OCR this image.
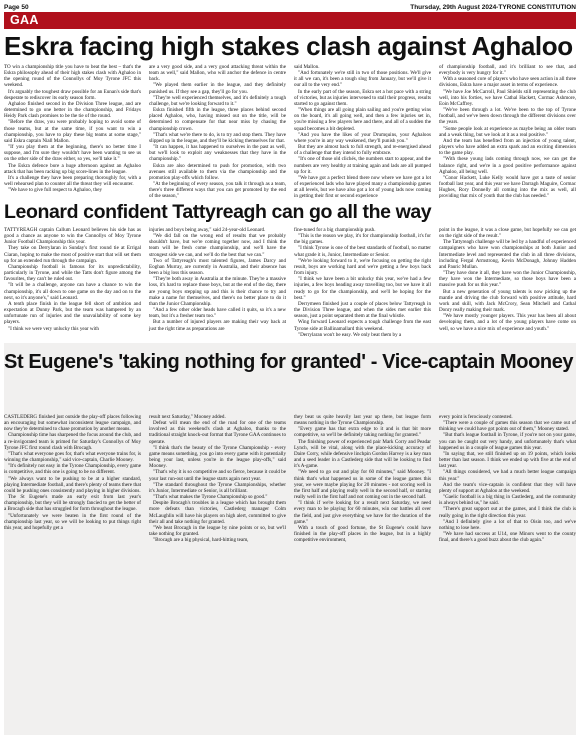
Page 50	Thursday, 29th August 2024-TYRONE CONSTITUTION
GAA
Eskra facing high stakes clash against Aghaloo

TO win a championship title you have to beat the best – that's the Eskra philosophy ahead of their high stakes clash with Aghaloo in the opening round of the Connollys of Moy Tyrone JFC this weekend.

It's arguably the toughest draw possible for an Eunan's side that's desperate to rediscover its early season form.

Aghaloo finished second in the Division Three league, and are determined to go one better in the championship, and Fridays Heidy Park clash promises to be the tie of the round.

"Before the draw, you were probably hoping to avoid some of those teams, but at the same time, if you want to win a championship, you have to play these big teams at some stage," said Eskra captain Niall Mallon.

"If you play them at the beginning, there's no better time I suppose, and I'm sure they wouldn't have been wanting to see us on the other side of the draw either, so yes, we'll take it."

The Eskra defence bore a huge afternoon against an Aghaloo attack that has been racking up big score-lines in the league.

It's a challenge they have been preparing thoroughly for, with a well rehearsed plan to counter all the threat they will encounter.

"We have to give full respect to Aghaloo, they

are a very good side, and a very good attacking threat within the team as well," said Mallon, who will anchor the defence in centre back.

"We played them earlier in the league, and they definitely punished us. If they see a gap, they'll go for you.

"They're well experienced themselves, and it's definitely a tough challenge, but we're looking forward to it."

Eskra finished fifth in the league, three places behind second placed Aghaloo, who, having missed out on the title, will be determined to compensate for that near miss by chasing the championship crown.

"That's what we're there to do, is to try and stop them. They have slipped up in the league, and they'll be kicking themselves for that.

"It can happen, it has happened to ourselves in the past as well, but we'll look to exploit any weaknesses that they have in the championship."

Eskra are also determined to push for promotion, with two avenues still available to them via the championship and the promotion play-offs which follow.

"At the beginning of every season, you talk it through as a team, there's three different ways that you can get promoted by the end of the season,"

said Mallon.

"And fortunately we're still in two of those positions. We'll give it all we can, it's been a tough slog from January, but we'll give it our all to the very end."

In the early part of the season, Eskra set a hot pace with a string of victories, but as injuries intervened to stall their progress, results started to go against them.

"When things are all going plain sailing and you're getting wins on the board, it's all going well, and then a few injuries set in, you're missing a few players here and there, and all of a sudden the squad becomes a bit depleted.

"And you have the likes of your Drumquins, your Aghaloos where you're in any way weakened, they'll punish you."

But they are almost back to full strength, and re-energised ahead of a challenge that they intend to fully embrace.

"It's one of those old clichés, the numbers start to appear, and the numbers are very healthy at training again and lads are all pumped up for it.

"We have got a perfect blend there now where we have got a lot of experienced lads who have played many a championship games at all levels, but we have also got a lot of young lads now coming in getting their first or second experience

of championship football, and it's brilliant to see that, and everybody is very hungry for it."

With a seasoned core of players who have seen action in all three divisions, Eskra have a major asset in terms of experience.

"We have Joe McCarroll, Paul Shields still representing the club well, into his forties, we have Cathal Hackett, Cormac Ashmore, Eoin McCaffrey.

"We've been through a lot. We've been to the top of Tyrone football, and we've been down through the different divisions over the years.

"Some people look at experience as maybe being an older team and a weak thing, but we look at it as a real positive."

And the team has benefited from an injection of young talent, players who have added an extra spark and an exciting dimension to the game play.

"With these young lads coming through now, we can get the balance right, and we're in a good positive performance against Aghaloo, all being well.

"Conor Hackett, Luke Kelly would have got a taste of senior football last year, and this year we have Darragh Maguire, Cormac Hughes, Rory Donnelly all coming into the mix as well, all providing that mix of youth that the club has needed."

Leonard confident Tattyreagh can go all the way

TATTYREAGH captain Callum Leonard believes his side has as good a chance as anyone to win the Connollys of Moy Tyrone Junior Football Championship this year.

They take on Derrylaran in Sunday's first round tie at Errigal Ciaran, hoping to make the most of positive start that will set them up for an extended run through the campaign.

Championship football is famous for its unpredictability, particularly in Tyrone, and while the Tatts don't figure among the favourites, they can't be ruled out.

"It will be a challenge, anyone can have a chance to win the championship, it's all down to one game on the day and on to the next, so it's anyone's," said Leonard.

A tenth place finish in the league fell short of ambition and expectation at Dunny Park, but the team was hampered by an unfortunate run of injuries and the unavailability of some key players.

"I think we were very unlucky this year with

injuries and boys being away," said 24-year-old Leonard.

"We did fall on the wrong end of results that we probably shouldn't have, but we're coming together now, and I think the team will be fresh come championship, and we'll have the strongest side we can, and we'll do the best that we can."

Two of Tattyreagh's most talented figures, James Darcy and Eoghan Murray, are currently in Australia, and their absence has been a big loss this season.

"They're both away in Australia at the minute. They're a massive loss, it's hard to replace those boys, but at the end of the day, there are young boys stepping up and this is their chance to try and make a name for themselves, and there's no better place to do it than the Junior Championship.

"And a few other older heads have called it quits, so it's a new team, but it's a fresher team too."

But a number of injured players are making their way back at just the right time as preparations are

fine-tuned for a big championship push.

"This is the reason we play, it's for championship football, it's for the big games.

"I think Tyrone is one of the best standards of football, no matter what grade it is, Junior, Intermediate or Senior.

"We're looking forward to it, we're focusing on getting the right result, boys are working hard and we're getting a few boys back from injury.

"I think we have been a bit unlucky this year, we've had a few injuries, a few boys heading away travelling too, but we have it all ready to go for the championship, and we'll be hoping for the best."

Derrymeen finished just a couple of places below Tattyreagh in the Division Three league, and when the sides met earlier this season, just a point separated them at the final whistle.

Wing forward Leonard expects a tough challenge from the east Tyrone side at Ballinamallard this weekend.

"Derrylaran won't be easy. We only beat them by a

point in the league, it was a close game, but hopefully we can get on the right side of the result."

The Tattyreagh challenge will be led by a handful of experienced campaigners who have won championships at both Junior and Intermediate level and represented the club in all three divisions, including Fergal Armstrong, Kevin McDonagh, Johnny Hadden and Pauric Mullan.

"They have done it all, they have won the Junior Championship, they have won the Intermediate, so those boys have been a massive push for us this year."

But a new generation of young talents is now picking up the mantle and driving the club forward with positive attitude, hard work and skill, with Jack McCrory, Sean Mitchell and Cathal Donry really making their mark.

"We have mostly younger players. This year has been all about developing them, and a lot of the young players have come on well, so we have a nice mix of experience and youth."

St Eugene's 'taking nothing for granted' - Vice-captain Mooney

CASTLEDERG finished just outside the play-off places following an encouraging but somewhat inconsistent league campaign, and now they're determined to chase promotion by another means.

Championship time has sharpened the focus around the club, and a re-invigorated team is primed for Saturday's Connollys of Moy Tyrone JFC first round clash with Brocagh.

"That's what everyone goes for, that's what everyone trains for, is winning the championship," said vice-captain, Charlie Mooney.

"It's definitely not easy in the Tyrone Championship, every game is competitive, and this one is going to be no different.

"We always want to be pushing to be at a higher standard, playing Intermediate football, and there's plenty of teams there that could be pushing ones consistently and playing in higher divisions.

The St Eugene's made an early exit from last year's championship, but they will be strongly fancied to get the better of a Brocagh side that has struggled for form throughout the league.

"Unfortunately we were beaten in the first round of the championship last year, so we will be looking to put things right this year, and hopefully get a

result next Saturday," Mooney added.

Defeat will mean the end of the road for one of the teams involved as this weekend's clash at Aghaloo, thanks to the traditional straight knock-out format that Tyrone GAA continues to operate.

"I think that's the beauty of the Tyrone Championship - every game means something, you go into every game with it potentially being your last, unless you're in the league play-offs," said Mooney.

"That's why it is so competitive and so fierce, because it could be your last run-out until the league starts again next year.

"The standard throughout the Tyrone Championships, whether it's Junior, Intermediate or Senior, is all brilliant.

"That's what makes the Tyrone Championship so good."

Despite Brocagh's troubles in a league which has brought them more defeats than victories, Castlederg manager Colm McLaughlin will have his players on high alert, committed to give their all and take nothing for granted.

"We beat Brocagh in the league by nine points or so, but we'll take nothing for granted.

"Brocagh are a big physical, hard-hitting team,

they beat us quite heavily last year up there, but league form means nothing in the Tyrone Championship.

"Every game has that extra edge to it and is that bit more competitive, so we'll be definitely taking nothing for granted."

The finishing power of experienced pair Mark Corry and Peadar Lynch, will be vital, along with the place-kicking accuracy of Daire Corry, while defensive linchpin Gordon Harvey is a key man and a seed leader in a Castlederg side that will be looking to find it's A-game.

"We need to go out and play for 60 minutes," said Mooney. "I think that's what happened us in some of the league games this year, we were maybe playing for 20 minutes - not scoring well in the first half and playing really well in the second half, or starting really well in the first half and not coming out in the second half.

"I think if we're looking for a result next Saturday, we need every man to be playing for 60 minutes, win our battles all over the field, and just give everything we have for the duration of the game."

With a touch of good fortune, the St Eugene's could have finished in the play-off places in the league, but in a highly competitive environment,

every point is ferociously contested.

"There were a couple of games this season that we came out of thinking we could have got points out of them," Mooney stated.

"But that's league football in Tyrone, if you're not on your game, you can be caught out very handy, and unfortunately that's what happened us in a couple of league games this year.

"In saying that, we still finished up on 19 points, which looks better than last season. I think we ended up with five at the end of last year.

"All things considered, we had a much better league campaign this year."

And the team's vice-captain is confident that they will have plenty of support at Aghaloo at the weekend.

"Gaelic football is a big thing in Castlederg, and the community is always behind us," he said.

"There's great support out at the games, and I think the club is really going in the right direction this year.

"And I definitely give a lot of that to Oisin too, and we've nothing to lose here.

"We have had success at U14, one Minors went to the county final, and there's a good buzz about the club again."
